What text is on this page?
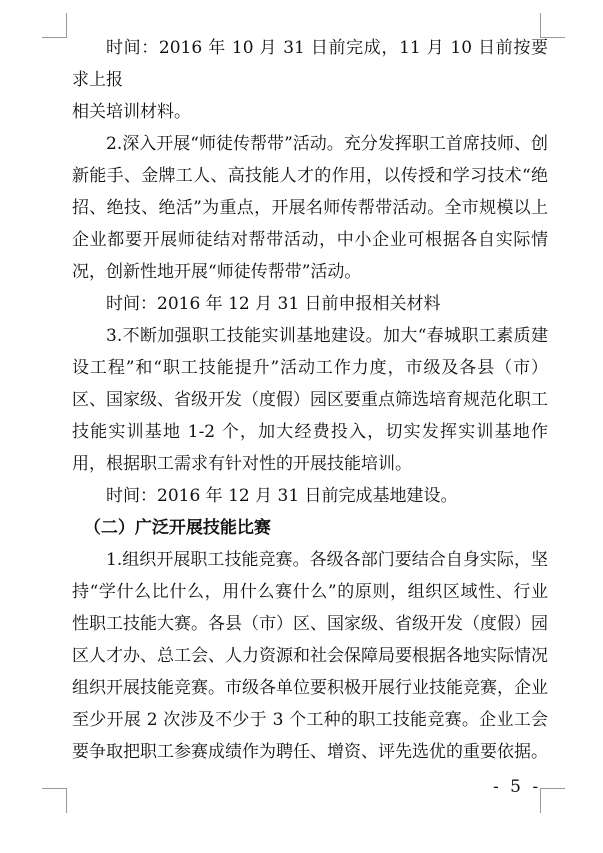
时间：2016 年 10 月 31 日前完成，11 月 10 日前按要求上报

相关培训材料。

2.深入开展“师徒传帮带”活动。充分发挥职工首席技师、创新能手、金牌工人、高技能人才的作用，以传授和学习技术“绝招、绝技、绝活”为重点，开展名师传帮带活动。全市规模以上企业都要开展师徒结对帮带活动，中小企业可根据各自实际情况，创新性地开展“师徒传帮带”活动。

时间：2016 年 12 月 31 日前申报相关材料

3.不断加强职工技能实训基地建设。加大“春城职工素质建设工程”和“职工技能提升”活动工作力度，市级及各县（市）区、国家级、省级开发（度假）园区要重点筛选培育规范化职工技能实训基地 1-2 个，加大经费投入，切实发挥实训基地作用，根据职工需求有针对性的开展技能培训。

时间：2016 年 12 月 31 日前完成基地建设。

（二）广泛开展技能比赛

1.组织开展职工技能竞赛。各级各部门要结合自身实际，坚持“学什么比什么，用什么赛什么”的原则，组织区域性、行业性职工技能大赛。各县（市）区、国家级、省级开发（度假）园区人才办、总工会、人力资源和社会保障局要根据各地实际情况组织开展技能竞赛。市级各单位要积极开展行业技能竞赛，企业至少开展 2 次涉及不少于 3 个工种的职工技能竞赛。企业工会要争取把职工参赛成绩作为聘任、增资、评先选优的重要依据。

- 5 -
